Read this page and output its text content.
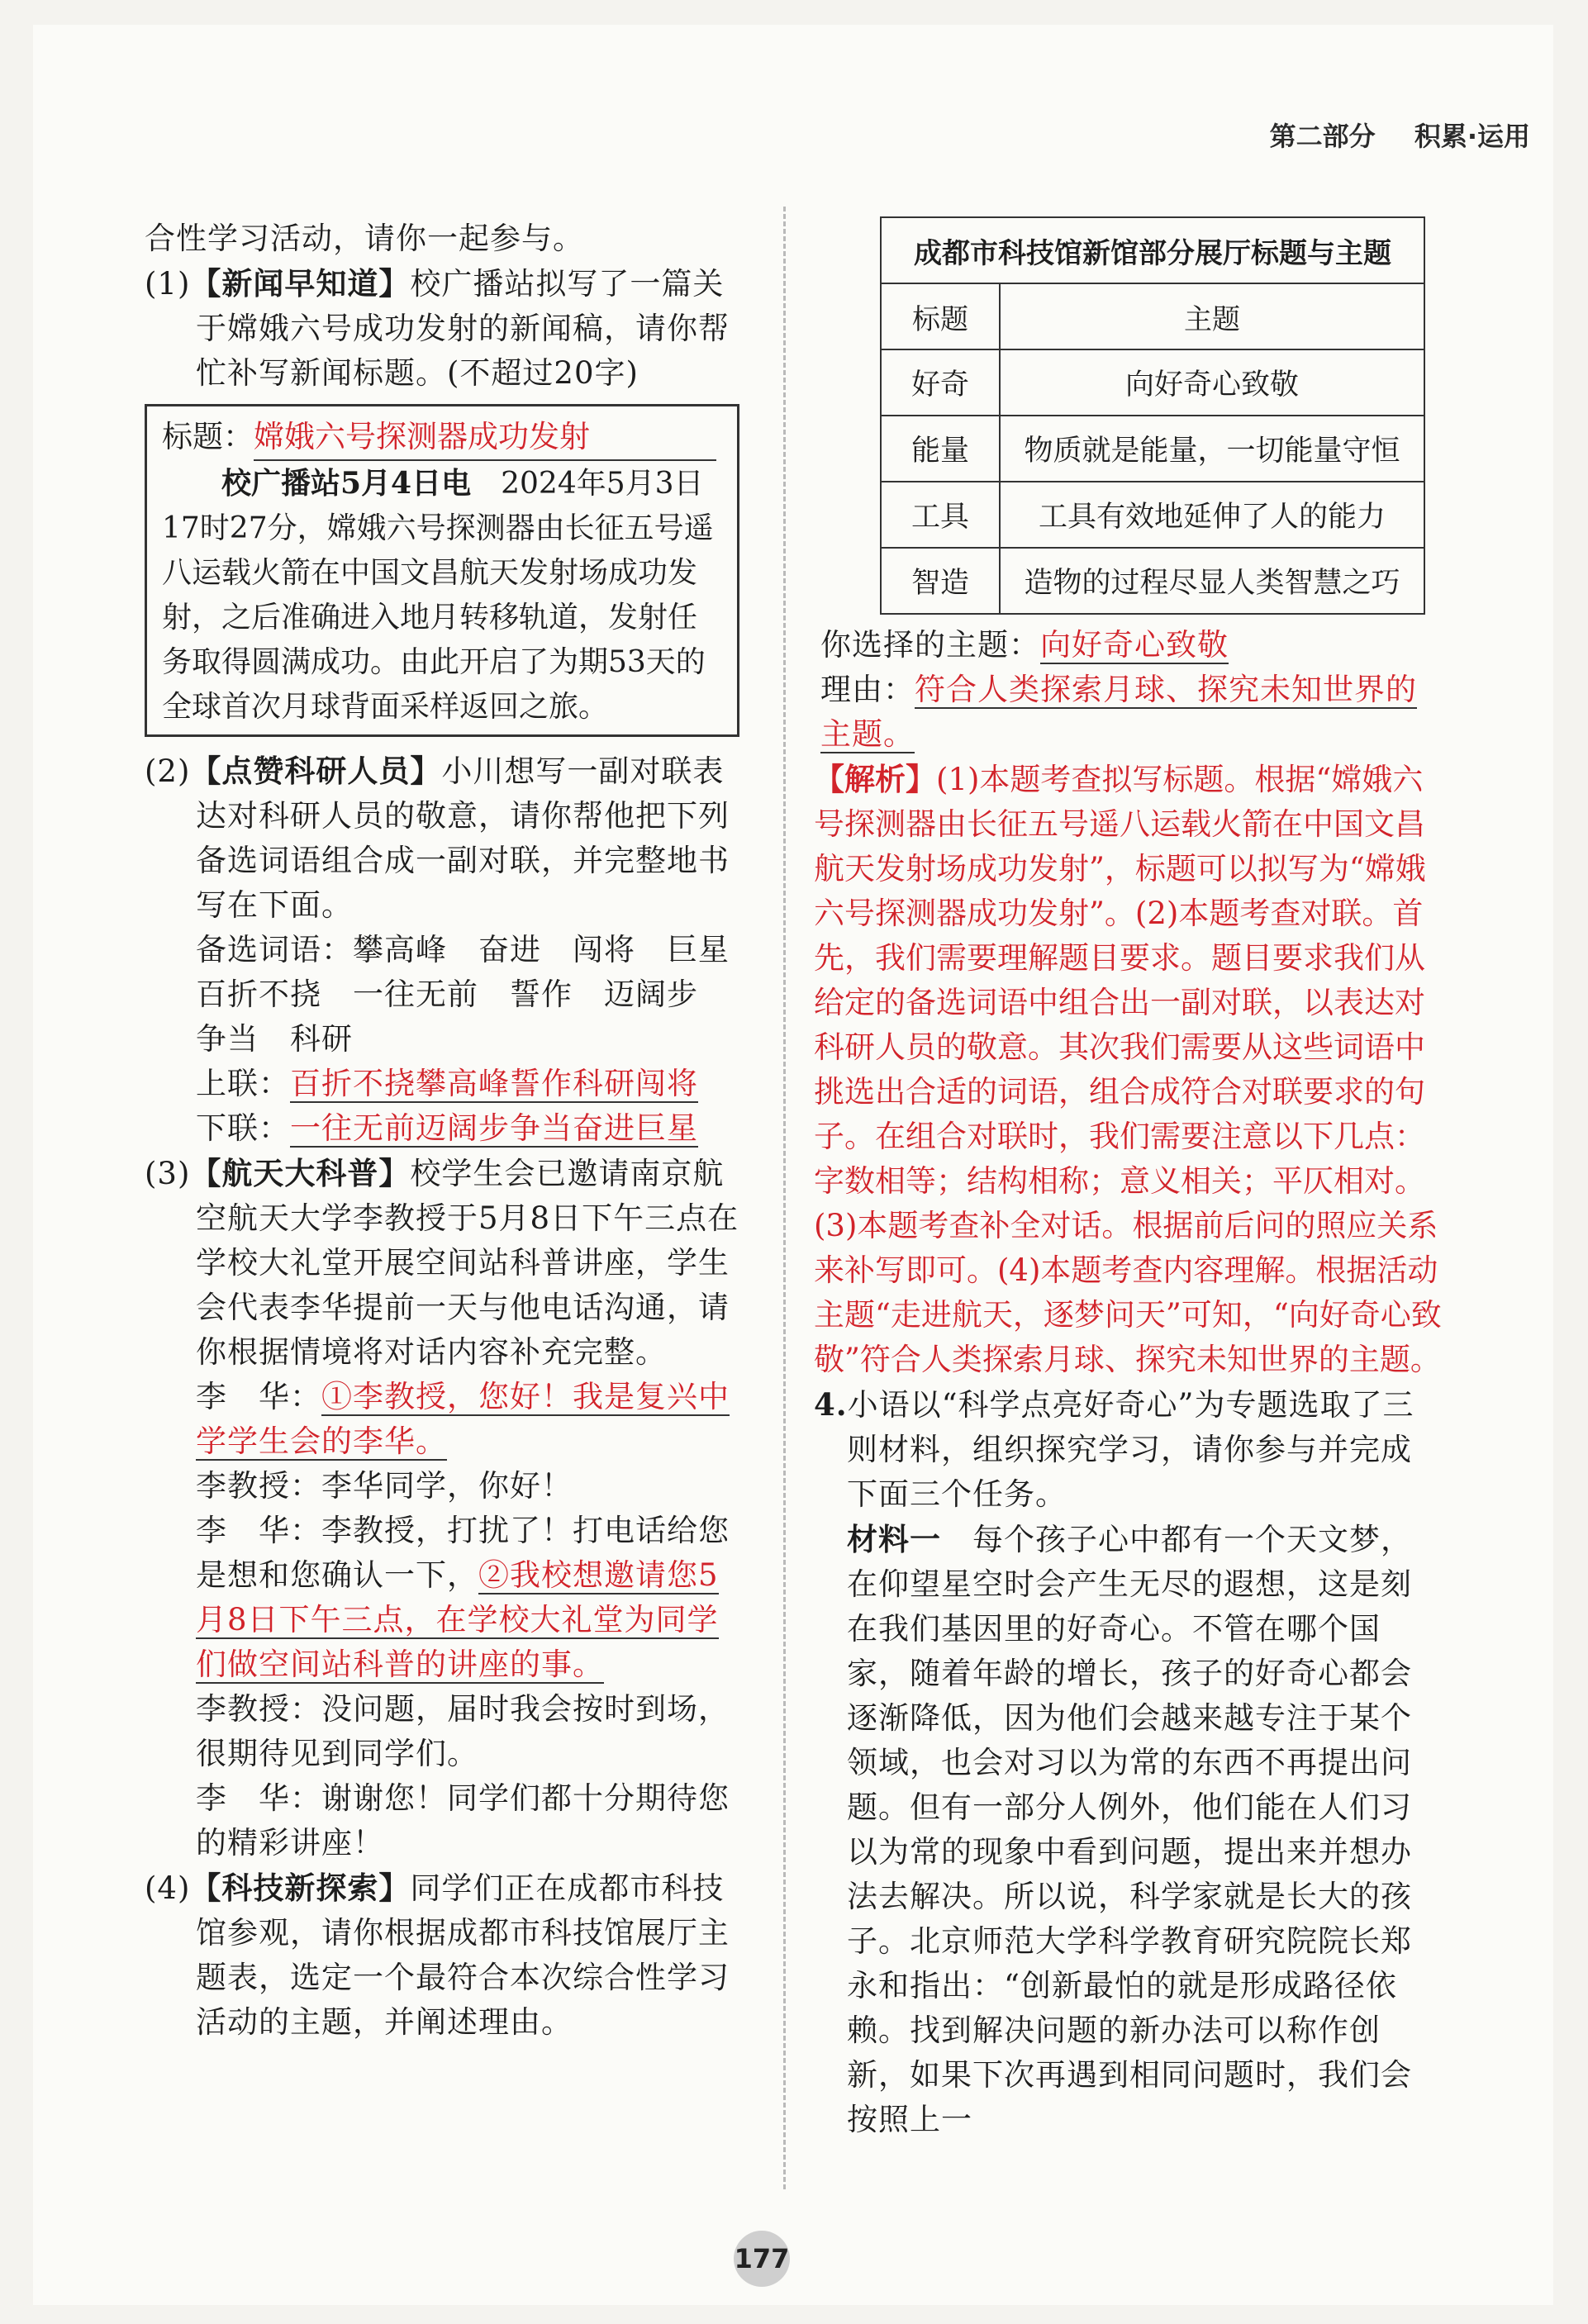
第二部分 积累·运用

合性学习活动，请你一起参与。

(1)【新闻早知道】校广播站拟写了一篇关于嫦娥六号成功发射的新闻稿，请你帮忙补写新闻标题。(不超过20字)

标题：嫦娥六号探测器成功发射

校广播站5月4日电　 2024年5月3日17时27分，嫦娥六号探测器由长征五号遥八运载火箭在中国文昌航天发射场成功发射，之后准确进入地月转移轨道，发射任务取得圆满成功。由此开启了为期53天的全球首次月球背面采样返回之旅。

(2)【点赞科研人员】小川想写一副对联表达对科研人员的敬意，请你帮他把下列备选词语组合成一副对联，并完整地书写在下面。

备选词语：攀高峰　奋进　闯将　巨星

百折不挠　一往无前　誓作　迈阔步

争当　科研

上联：百折不挠攀高峰誓作科研闯将

下联：一往无前迈阔步争当奋进巨星

(3)【航天大科普】校学生会已邀请南京航空航天大学李教授于5月8日下午三点在学校大礼堂开展空间站科普讲座，学生会代表李华提前一天与他电话沟通，请你根据情境将对话内容补充完整。

李　华：①李教授，您好！我是复兴中学学生会的李华。

李教授：李华同学，你好！

李　华：李教授，打扰了！打电话给您是想和您确认一下，②我校想邀请您5月8日下午三点，在学校大礼堂为同学们做空间站科普的讲座的事。

李教授：没问题，届时我会按时到场，很期待见到同学们。

李　华：谢谢您！同学们都十分期待您的精彩讲座！

(4)【科技新探索】同学们正在成都市科技馆参观，请你根据成都市科技馆展厅主题表，选定一个最符合本次综合性学习活动的主题，并阐述理由。

成都市科技馆新馆部分展厅标题与主题	
标题	主题
好奇	向好奇心致敬
能量	物质就是能量，一切能量守恒
工具	工具有效地延伸了人的能力
智造	造物的过程尽显人类智慧之巧

你选择的主题：向好奇心致敬

理由：符合人类探索月球、探究未知世界的主题。

【解析】(1)本题考查拟写标题。根据“嫦娥六号探测器由长征五号遥八运载火箭在中国文昌航天发射场成功发射”，标题可以拟写为“嫦娥六号探测器成功发射”。(2)本题考查对联。首先，我们需要理解题目要求。题目要求我们从给定的备选词语中组合出一副对联，以表达对科研人员的敬意。其次我们需要从这些词语中挑选出合适的词语，组合成符合对联要求的句子。在组合对联时，我们需要注意以下几点：字数相等；结构相称；意义相关；平仄相对。(3)本题考查补全对话。根据前后问的照应关系来补写即可。(4)本题考查内容理解。根据活动主题“走进航天，逐梦问天”可知，“向好奇心致敬”符合人类探索月球、探究未知世界的主题。

4.小语以“科学点亮好奇心”为专题选取了三则材料，组织探究学习，请你参与并完成下面三个任务。

材料一　 每个孩子心中都有一个天文梦，在仰望星空时会产生无尽的遐想，这是刻在我们基因里的好奇心。不管在哪个国家，随着年龄的增长，孩子的好奇心都会逐渐降低，因为他们会越来越专注于某个领域，也会对习以为常的东西不再提出问题。但有一部分人例外，他们能在人们习以为常的现象中看到问题，提出来并想办法去解决。所以说，科学家就是长大的孩子。北京师范大学科学教育研究院院长郑永和指出：“创新最怕的就是形成路径依赖。找到解决问题的新办法可以称作创新，如果下次再遇到相同问题时，我们会按照上一

177
